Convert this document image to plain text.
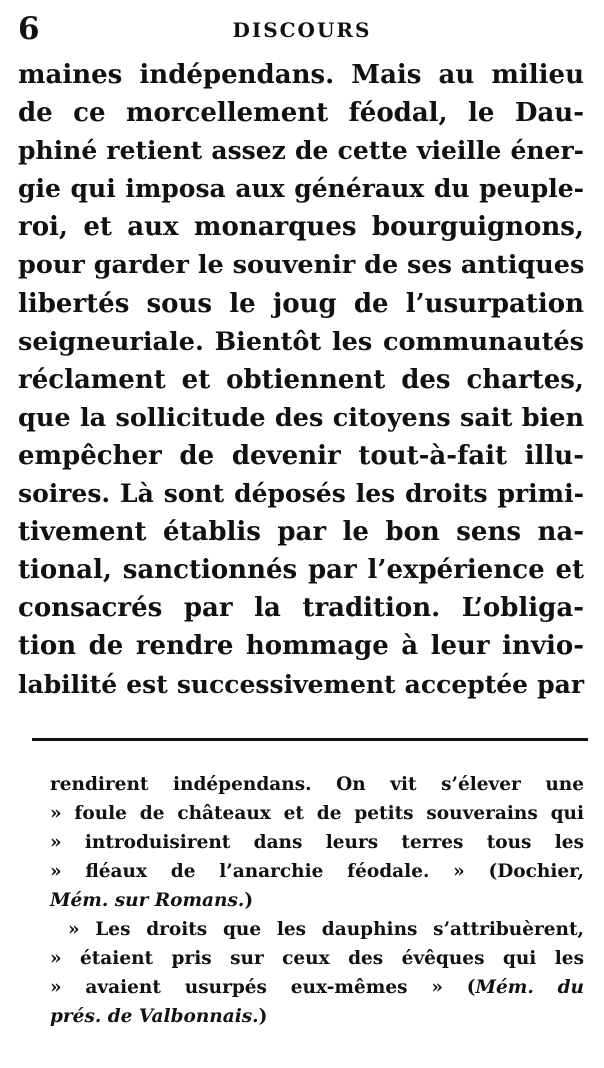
6	DISCOURS
maines indépendans. Mais au milieu
de ce morcellement féodal, le Dau-
phiné retient assez de cette vieille éner-
gie qui imposa aux généraux du peuple-
roi, et aux monarques bourguignons,
pour garder le souvenir de ses antiques
libertés sous le joug de l’usurpation
seigneuriale. Bientôt les communautés
réclament et obtiennent des chartes,
que la sollicitude des citoyens sait bien
empêcher de devenir tout-à-fait illu-
soires. Là sont déposés les droits primi-
tivement établis par le bon sens na-
tional, sanctionnés par l’expérience et
consacrés par la tradition. L’obliga-
tion de rendre hommage à leur invio-
labilité est successivement acceptée par
rendirent indépendans. On vit s’élever une
» foule de châteaux et de petits souverains qui
» introduisirent dans leurs terres tous les
» fléaux de l’anarchie féodale. » (Dochier,
Mém. sur Romans.)
» Les droits que les dauphins s’attribuèrent,
» étaient pris sur ceux des évêques qui les
» avaient usurpés eux-mêmes » (Mém. du
prés. de Valbonnais.)
